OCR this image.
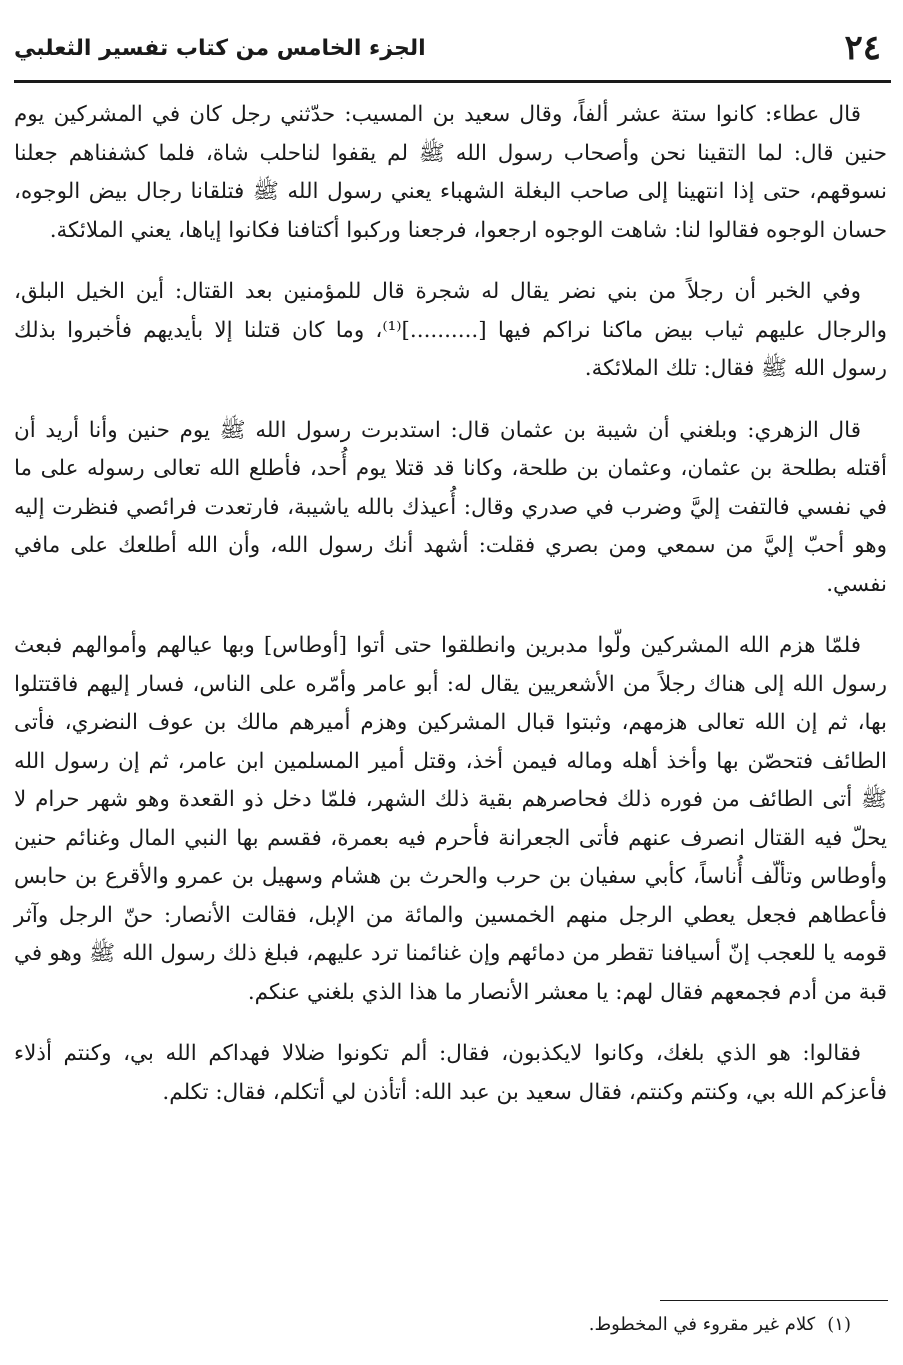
٢٤
الجزء الخامس من كتاب تفسير الثعلبي

قال عطاء: كانوا ستة عشر ألفاً، وقال سعيد بن المسيب: حدّثني رجل كان في المشركين يوم حنين قال: لما التقينا نحن وأصحاب رسول الله ﷺ لم يقفوا لناحلب شاة، فلما كشفناهم جعلنا نسوقهم، حتى إذا انتهينا إلى صاحب البغلة الشهباء يعني رسول الله ﷺ فتلقانا رجال بيض الوجوه، حسان الوجوه فقالوا لنا: شاهت الوجوه ارجعوا، فرجعنا وركبوا أكتافنا فكانوا إياها، يعني الملائكة.

وفي الخبر أن رجلاً من بني نضر يقال له شجرة قال للمؤمنين بعد القتال: أين الخيل البلق، والرجال عليهم ثياب بيض ماكنا نراكم فيها [..........]⁽¹⁾، وما كان قتلنا إلا بأيديهم فأخبروا بذلك رسول الله ﷺ فقال: تلك الملائكة.

قال الزهري: وبلغني أن شيبة بن عثمان قال: استدبرت رسول الله ﷺ يوم حنين وأنا أريد أن أقتله بطلحة بن عثمان، وعثمان بن طلحة، وكانا قد قتلا يوم أُحد، فأطلع الله تعالى رسوله على ما في نفسي فالتفت إليَّ وضرب في صدري وقال: أُعيذك بالله ياشيبة، فارتعدت فرائصي فنظرت إليه وهو أحبّ إليَّ من سمعي ومن بصري فقلت: أشهد أنك رسول الله، وأن الله أطلعك على مافي نفسي.

فلمّا هزم الله المشركين ولّوا مدبرين وانطلقوا حتى أتوا [أوطاس] وبها عيالهم وأموالهم فبعث رسول الله إلى هناك رجلاً من الأشعريين يقال له: أبو عامر وأمّره على الناس، فسار إليهم فاقتتلوا بها، ثم إن الله تعالى هزمهم، وثبتوا قبال المشركين وهزم أميرهم مالك بن عوف النضري، فأتى الطائف فتحصّن بها وأخذ أهله وماله فيمن أخذ، وقتل أمير المسلمين ابن عامر، ثم إن رسول الله ﷺ أتى الطائف من فوره ذلك فحاصرهم بقية ذلك الشهر، فلمّا دخل ذو القعدة وهو شهر حرام لا يحلّ فيه القتال انصرف عنهم فأتى الجعرانة فأحرم فيه بعمرة، فقسم بها النبي المال وغنائم حنين وأوطاس وتألّف أُناساً، كأبي سفيان بن حرب والحرث بن هشام وسهيل بن عمرو والأقرع بن حابس فأعطاهم فجعل يعطي الرجل منهم الخمسين والمائة من الإبل، فقالت الأنصار: حنّ الرجل وآثر قومه يا للعجب إنّ أسيافنا تقطر من دمائهم وإن غنائمنا ترد عليهم، فبلغ ذلك رسول الله ﷺ وهو في قبة من أدم فجمعهم فقال لهم: يا معشر الأنصار ما هذا الذي بلغني عنكم.

فقالوا: هو الذي بلغك، وكانوا لايكذبون، فقال: ألم تكونوا ضلالا فهداكم الله بي، وكنتم أذلاء فأعزكم الله بي، وكنتم وكنتم، فقال سعيد بن عبد الله: أتأذن لي أتكلم، فقال: تكلم.

(١)كلام غير مقروء في المخطوط.
